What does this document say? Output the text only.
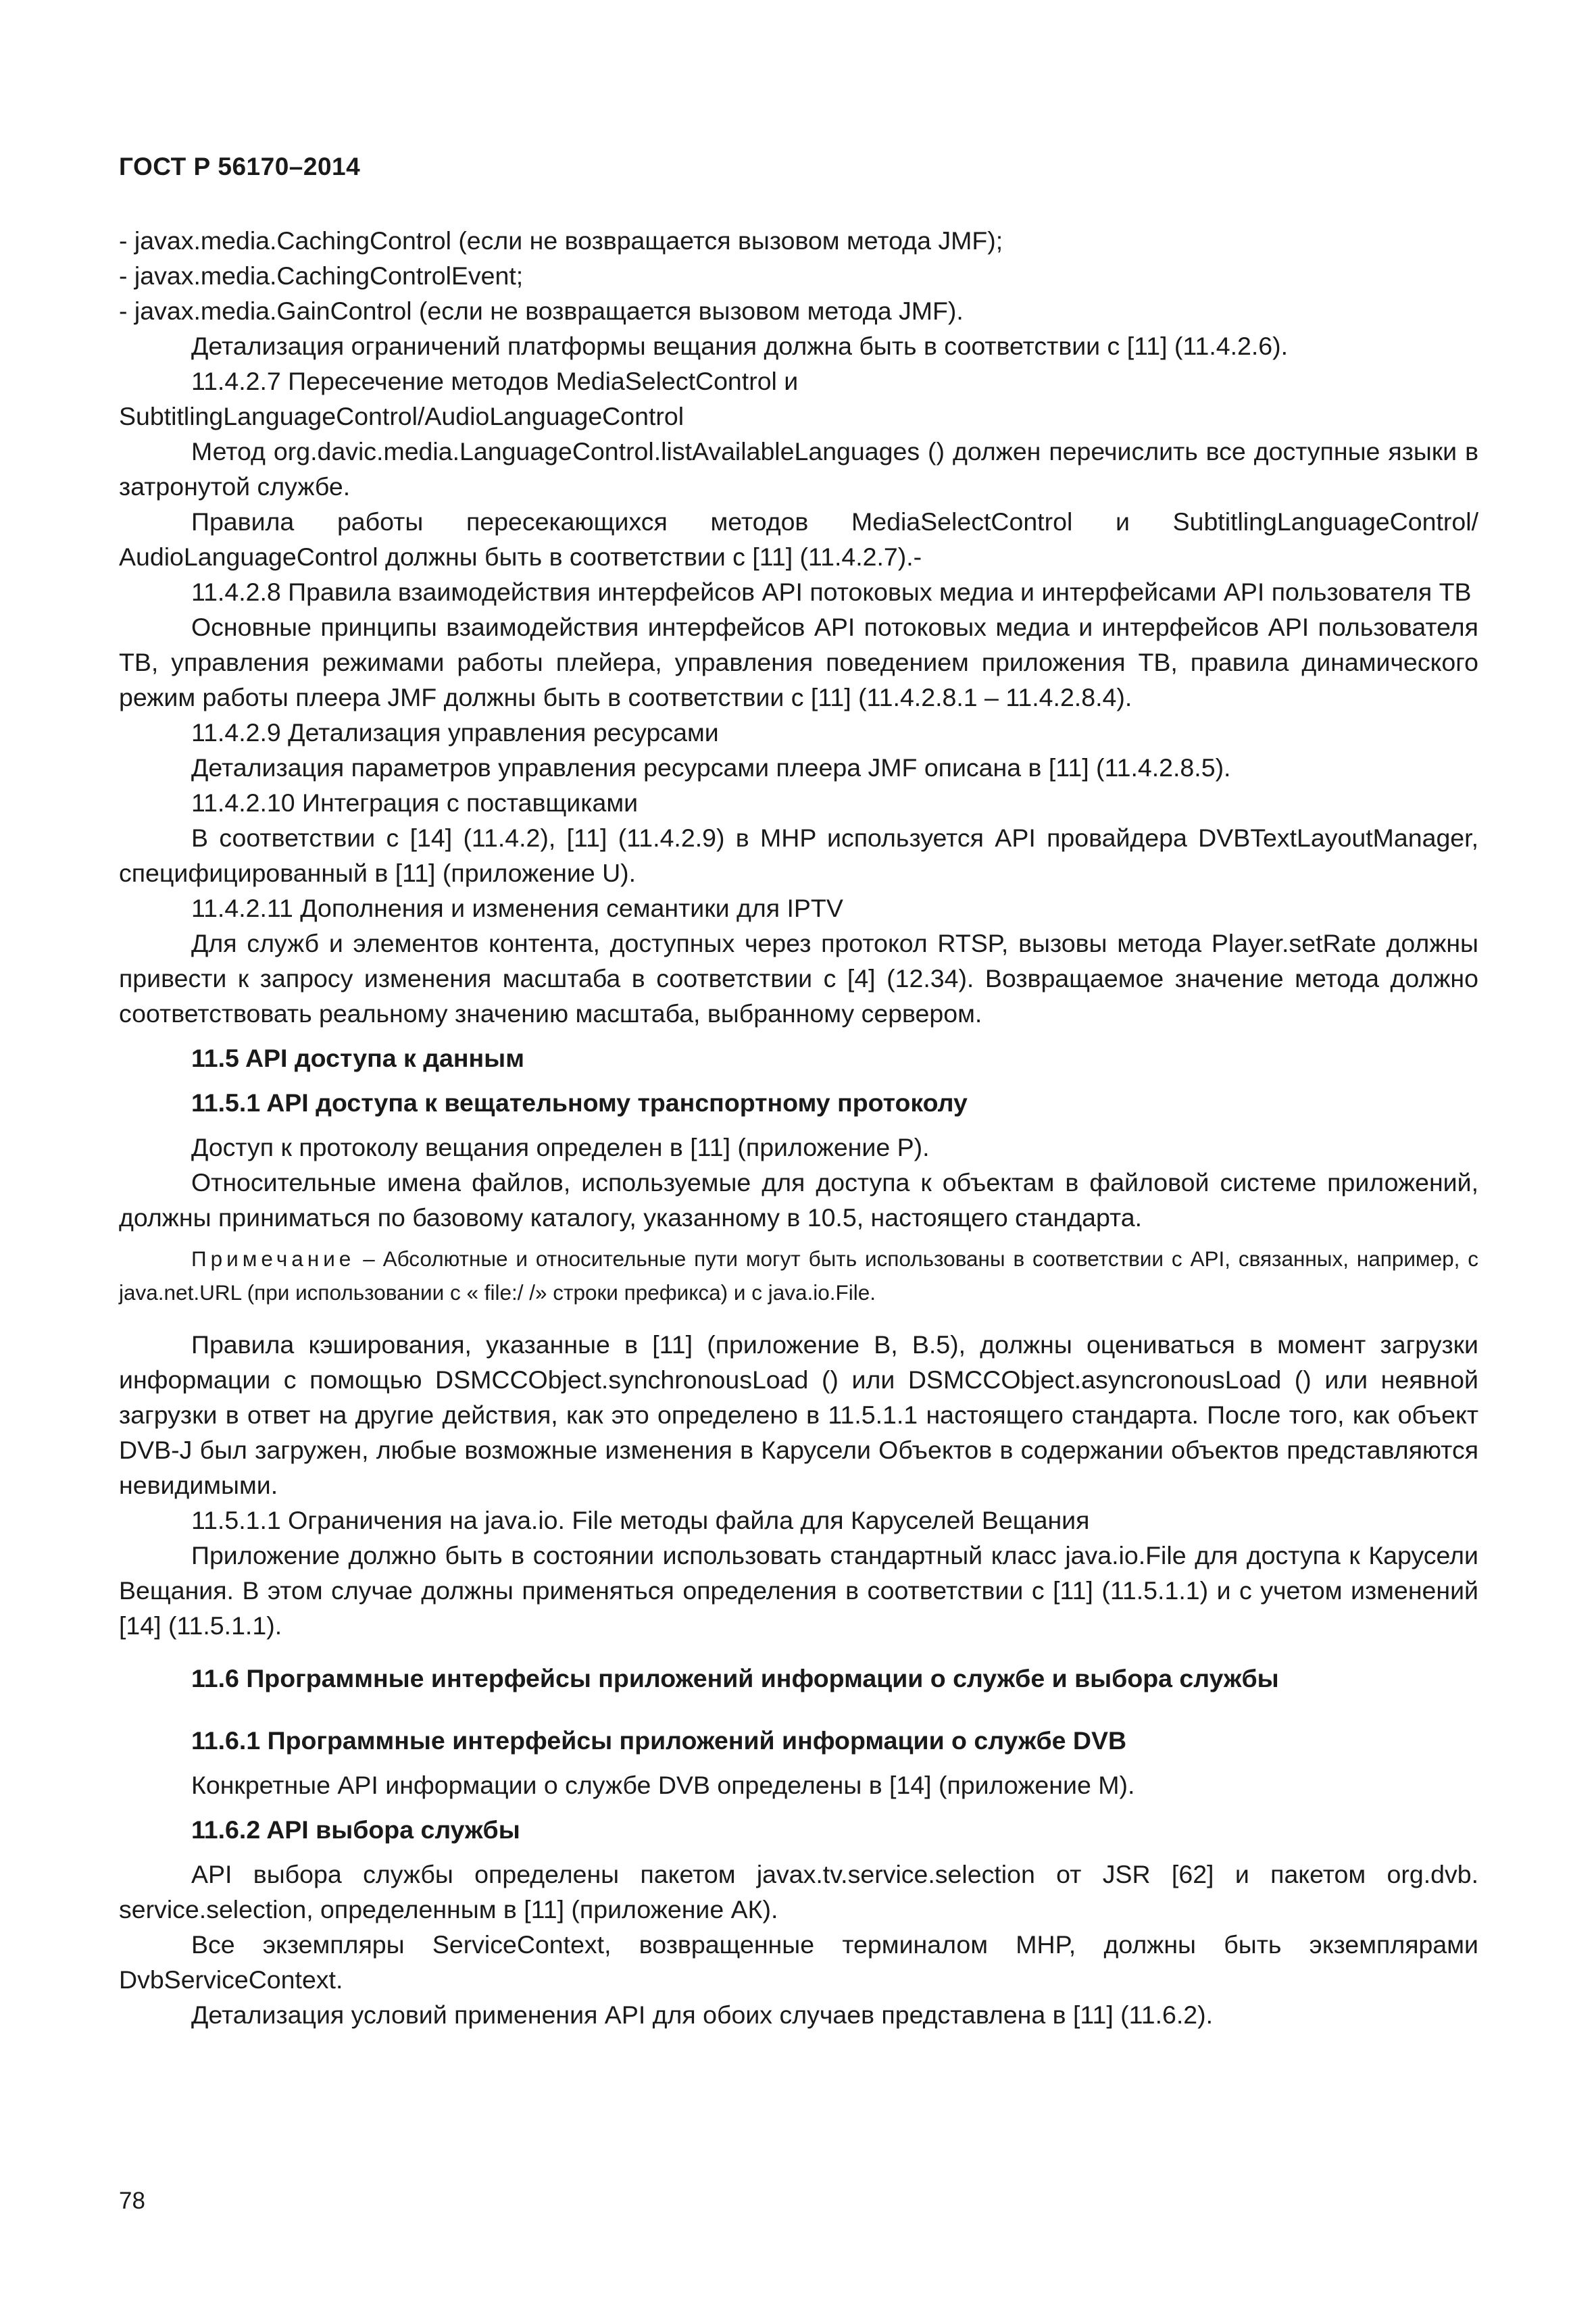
ГОСТ Р 56170–2014

- javax.media.CachingControl (если не возвращается вызовом метода JMF);

- javax.media.CachingControlEvent;

- javax.media.GainControl (если не возвращается вызовом метода JMF).

Детализация ограничений платформы вещания должна быть в соответствии с [11] (11.4.2.6).

11.4.2.7 Пересечение методов MediaSelectControl и

SubtitlingLanguageControl/AudioLanguageControl

Метод org.davic.media.LanguageControl.listAvailableLanguages () должен перечислить все доступные языки в затронутой службе.

Правила работы пересекающихся методов MediaSelectControl и SubtitlingLanguageControl/ AudioLanguageControl должны быть в соответствии с [11] (11.4.2.7).-

11.4.2.8 Правила взаимодействия интерфейсов API потоковых медиа и интерфейсами API пользователя ТВ

Основные принципы взаимодействия интерфейсов API потоковых медиа и интерфейсов API пользователя ТВ, управления режимами работы плейера, управления поведением приложения ТВ, правила динамического режим работы плеера JMF должны быть в соответствии с [11] (11.4.2.8.1 – 11.4.2.8.4).

11.4.2.9 Детализация управления ресурсами

Детализация параметров управления ресурсами плеера JMF описана в [11] (11.4.2.8.5).

11.4.2.10 Интеграция с поставщиками

В соответствии с [14] (11.4.2), [11] (11.4.2.9) в MHP используется API провайдера DVBTextLayoutManager, специфицированный в [11] (приложение U).

11.4.2.11 Дополнения и изменения семантики для IPTV

Для служб и элементов контента, доступных через протокол RTSP, вызовы метода Player.setRate должны привести к запросу изменения масштаба в соответствии с [4] (12.34). Возвращаемое значение метода должно соответствовать реальному значению масштаба, выбранному сервером.

11.5 API доступа к данным

11.5.1 API доступа к вещательному транспортному протоколу

Доступ к протоколу вещания определен в [11] (приложение Р).

Относительные имена файлов, используемые для доступа к объектам в файловой системе приложений, должны приниматься по базовому каталогу, указанному в 10.5, настоящего стандарта.

Примечание – Абсолютные и относительные пути могут быть использованы в соответствии с API, связанных, например, с java.net.URL (при использовании с « file:/ /» строки префикса) и с java.io.File.

Правила кэширования, указанные в [11] (приложение В, В.5), должны оцениваться в момент загрузки информации с помощью DSMCCObject.synchronousLoad () или DSMCCObject.asyncronousLoad () или неявной загрузки в ответ на другие действия, как это определено в 11.5.1.1 настоящего стандарта. После того, как объект DVB-J был загружен, любые возможные изменения в Карусели Объектов в содержании объектов представляются невидимыми.

11.5.1.1 Ограничения на java.io. File методы файла для Каруселей Вещания

Приложение должно быть в состоянии использовать стандартный класс java.io.File для доступа к Карусели Вещания. В этом случае должны применяться определения в соответствии с [11] (11.5.1.1) и с учетом изменений [14] (11.5.1.1).

11.6 Программные интерфейсы приложений информации о службе и выбора службы

11.6.1 Программные интерфейсы приложений информации о службе DVB

Конкретные API информации о службе DVB определены в [14] (приложение М).

11.6.2 API выбора службы

API выбора службы определены пакетом javax.tv.service.selection от JSR [62] и пакетом org.dvb. service.selection, определенным в [11] (приложение АК).

Все экземпляры ServiceContext, возвращенные терминалом MHP, должны быть экземплярами DvbServiceContext.

Детализация условий применения API для обоих случаев представлена в [11] (11.6.2).

78
